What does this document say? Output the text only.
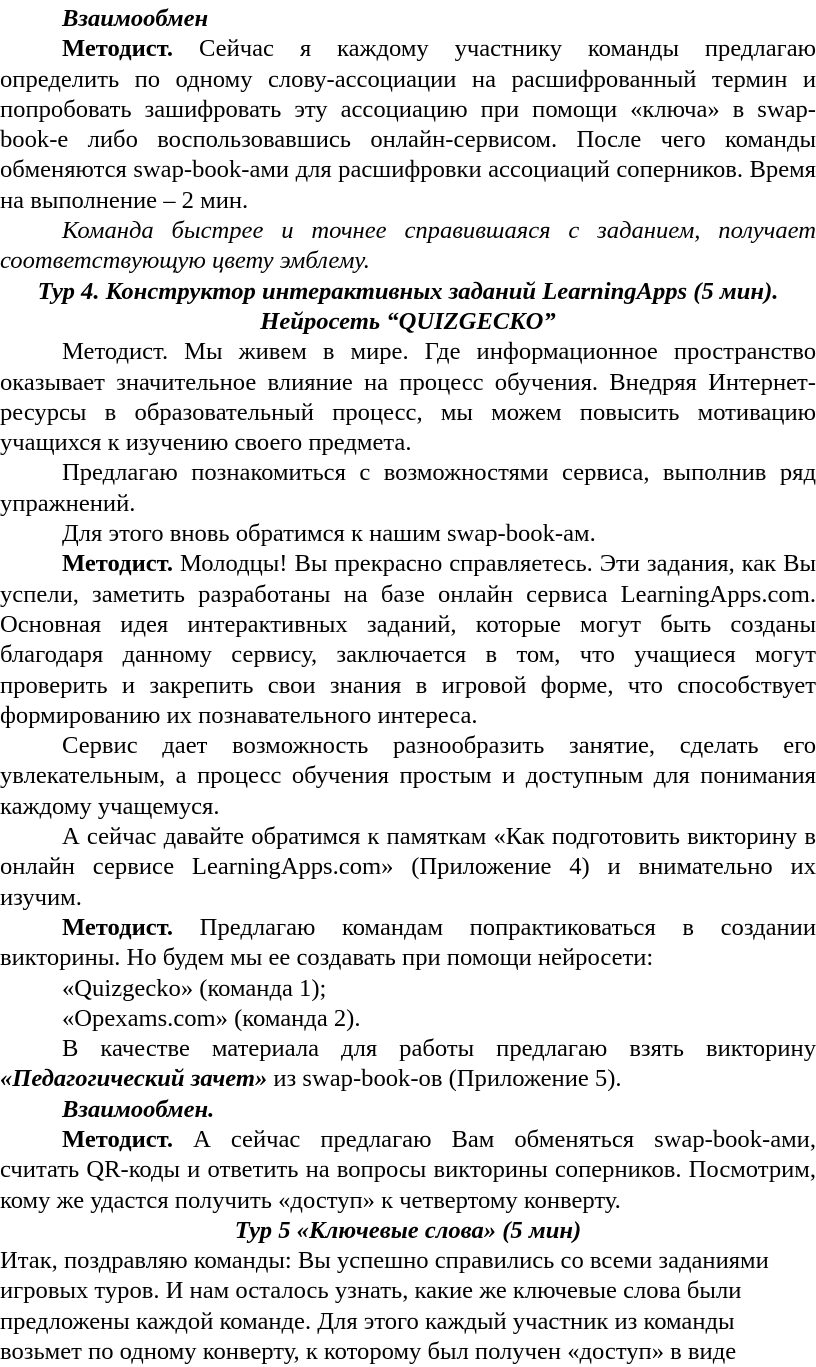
Взаимообмен

Методист. Сейчас я каждому участнику команды предлагаю определить по одному слову-ассоциации на расшифрованный термин и попробовать зашифровать эту ассоциацию при помощи «ключа» в swap-book-е либо воспользовавшись онлайн-сервисом. После чего команды обменяются swap-book-ами для расшифровки ассоциаций соперников. Время на выполнение – 2 мин.

Команда быстрее и точнее справившаяся с заданием, получает соответствующую цвету эмблему.

Тур 4. Конструктор интерактивных заданий LearningApps (5 мин).
Нейросеть “QUIZGECKO”

Методист. Мы живем в мире. Где информационное пространство оказывает значительное влияние на процесс обучения. Внедряя Интернет-ресурсы в образовательный процесс, мы можем повысить мотивацию учащихся к изучению своего предмета.

Предлагаю познакомиться с возможностями сервиса, выполнив ряд упражнений.

Для этого вновь обратимся к нашим swap-book-ам.

Методист. Молодцы! Вы прекрасно справляетесь. Эти задания, как Вы успели, заметить разработаны на базе онлайн сервиса LearningApps.com. Основная идея интерактивных заданий, которые могут быть созданы благодаря данному сервису, заключается в том, что учащиеся могут проверить и закрепить свои знания в игровой форме, что способствует формированию их познавательного интереса.

Сервис дает возможность разнообразить занятие, сделать его увлекательным, а процесс обучения простым и доступным для понимания каждому учащемуся.

А сейчас давайте обратимся к памяткам «Как подготовить викторину в онлайн сервисе LearningApps.com» (Приложение 4) и внимательно их изучим.

Методист. Предлагаю командам попрактиковаться в создании викторины. Но будем мы ее создавать при помощи нейросети:

«Quizgecko» (команда 1);

«Opexams.com» (команда 2).

В качестве материала для работы предлагаю взять викторину «Педагогический зачет» из swap-book-ов (Приложение 5).

Взаимообмен.

Методист. А сейчас предлагаю Вам обменяться swap-book-ами, считать QR-коды и ответить на вопросы викторины соперников. Посмотрим, кому же удастся получить «доступ» к четвертому конверту.

Тур 5 «Ключевые слова» (5 мин)

Итак, поздравляю команды: Вы успешно справились со всеми заданиями игровых туров. И нам осталось узнать, какие же ключевые слова были предложены каждой команде. Для этого каждый участник из команды возьмет по одному конверту, к которому был получен «доступ» в виде
